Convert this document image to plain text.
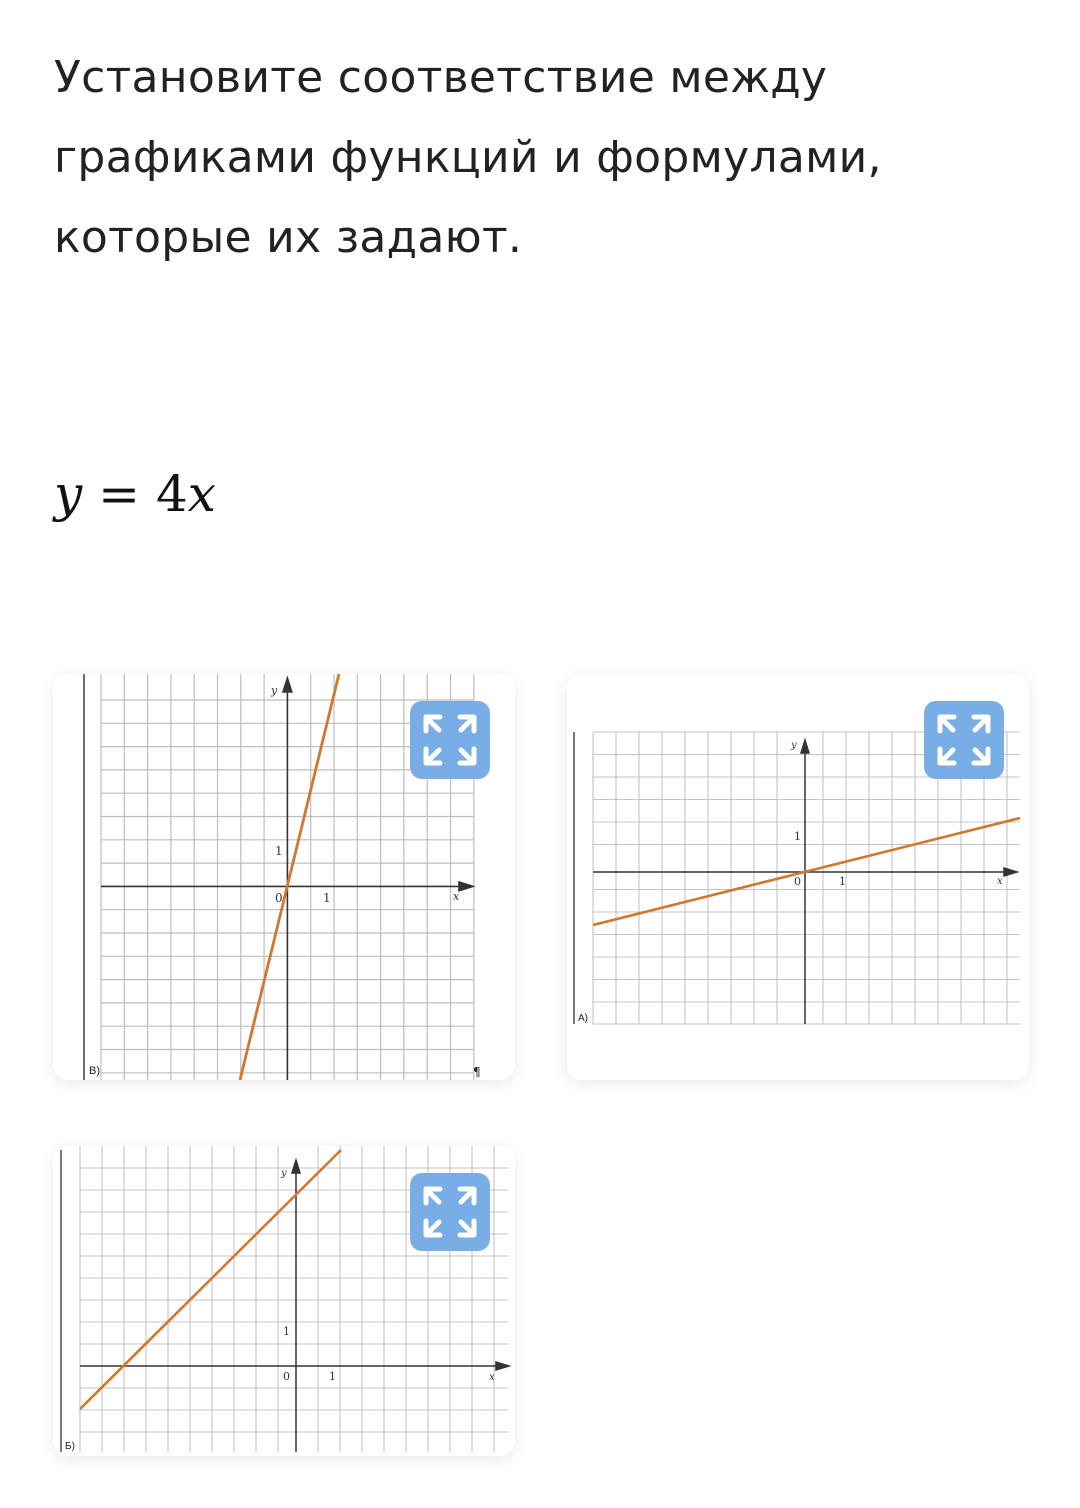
Установите соответствие между
графиками функций и формулами,
которые их задают.
y = 4x
y
x
0	1
1
В)	¶
y
x
0	1
1
А)
y
x
0	1
1
Б)
